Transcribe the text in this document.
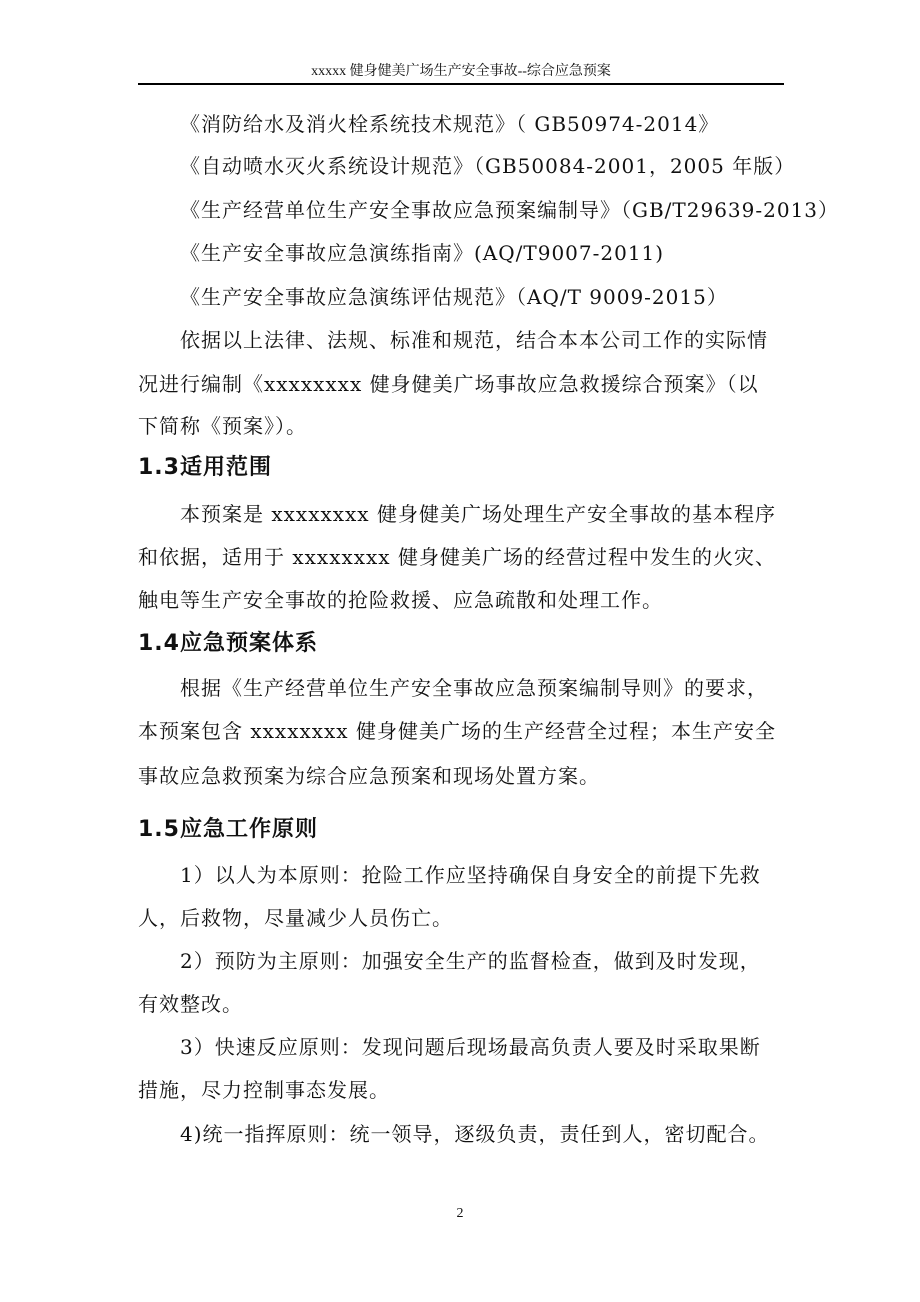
xxxxx 健身健美广场生产安全事故--综合应急预案
《消防给水及消火栓系统技术规范》（ GB50974-2014》
《自动喷水灭火系统设计规范》（GB50084-2001，2005 年版）
《生产经营单位生产安全事故应急预案编制导》（GB/T29639-2013）
《生产安全事故应急演练指南》(AQ/T9007-2011)
《生产安全事故应急演练评估规范》（AQ/T 9009-2015）
依据以上法律、法规、标准和规范，结合本本公司工作的实际情
况进行编制《xxxxxxxx 健身健美广场事故应急救援综合预案》（以
下简称《预案》）。
1.3适用范围
本预案是 xxxxxxxx 健身健美广场处理生产安全事故的基本程序
和依据，适用于 xxxxxxxx 健身健美广场的经营过程中发生的火灾、
触电等生产安全事故的抢险救援、应急疏散和处理工作。
1.4应急预案体系
根据《生产经营单位生产安全事故应急预案编制导则》的要求，
本预案包含 xxxxxxxx 健身健美广场的生产经营全过程；本生产安全
事故应急救预案为综合应急预案和现场处置方案。
1.5应急工作原则
1）以人为本原则：抢险工作应坚持确保自身安全的前提下先救
人，后救物，尽量减少人员伤亡。
2）预防为主原则：加强安全生产的监督检查，做到及时发现，
有效整改。
3）快速反应原则：发现问题后现场最高负责人要及时采取果断
措施，尽力控制事态发展。
4)统一指挥原则：统一领导，逐级负责，责任到人，密切配合。
2
